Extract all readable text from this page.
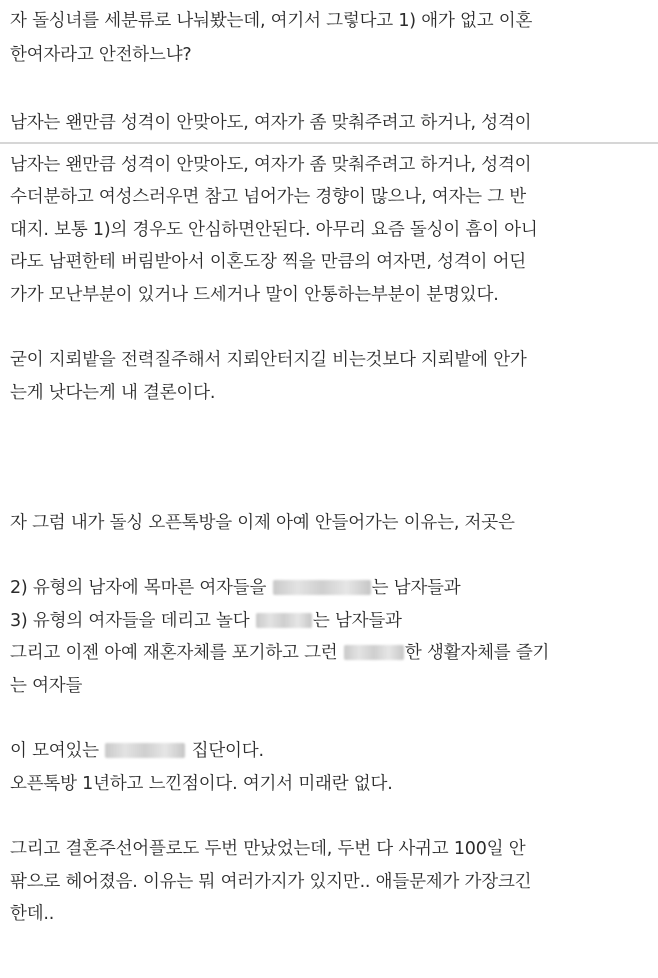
자 돌싱녀를 세분류로 나눠봤는데, 여기서 그렇다고 1) 애가 없고 이혼

한여자라고 안전하느냐?

남자는 왠만큼 성격이 안맞아도, 여자가 좀 맞춰주려고 하거나, 성격이

남자는 왠만큼 성격이 안맞아도, 여자가 좀 맞춰주려고 하거나, 성격이

수더분하고 여성스러우면 참고 넘어가는 경향이 많으나, 여자는 그 반

대지. 보통 1)의 경우도 안심하면안된다. 아무리 요즘 돌싱이 흠이 아니

라도 남편한테 버림받아서 이혼도장 찍을 만큼의 여자면, 성격이 어딘

가가 모난부분이 있거나 드세거나 말이 안통하는부분이 분명있다.

굳이 지뢰밭을 전력질주해서 지뢰안터지길 비는것보다 지뢰밭에 안가

는게 낫다는게 내 결론이다.

자 그럼 내가 돌싱 오픈톡방을 이제 아예 안들어가는 이유는, 저곳은

2) 유형의 남자에 목마른 여자들을	는 남자들과

3) 유형의 여자들을 데리고 놀다	는 남자들과

그리고 이젠 아예 재혼자체를 포기하고 그런	한 생활자체를 즐기

는 여자들

이 모여있는	집단이다.

오픈톡방 1년하고 느낀점이다. 여기서 미래란 없다.

그리고 결혼주선어플로도 두번 만났었는데, 두번 다 사귀고 100일 안

팎으로 헤어졌음. 이유는 뭐 여러가지가 있지만.. 애들문제가 가장크긴

한데..
